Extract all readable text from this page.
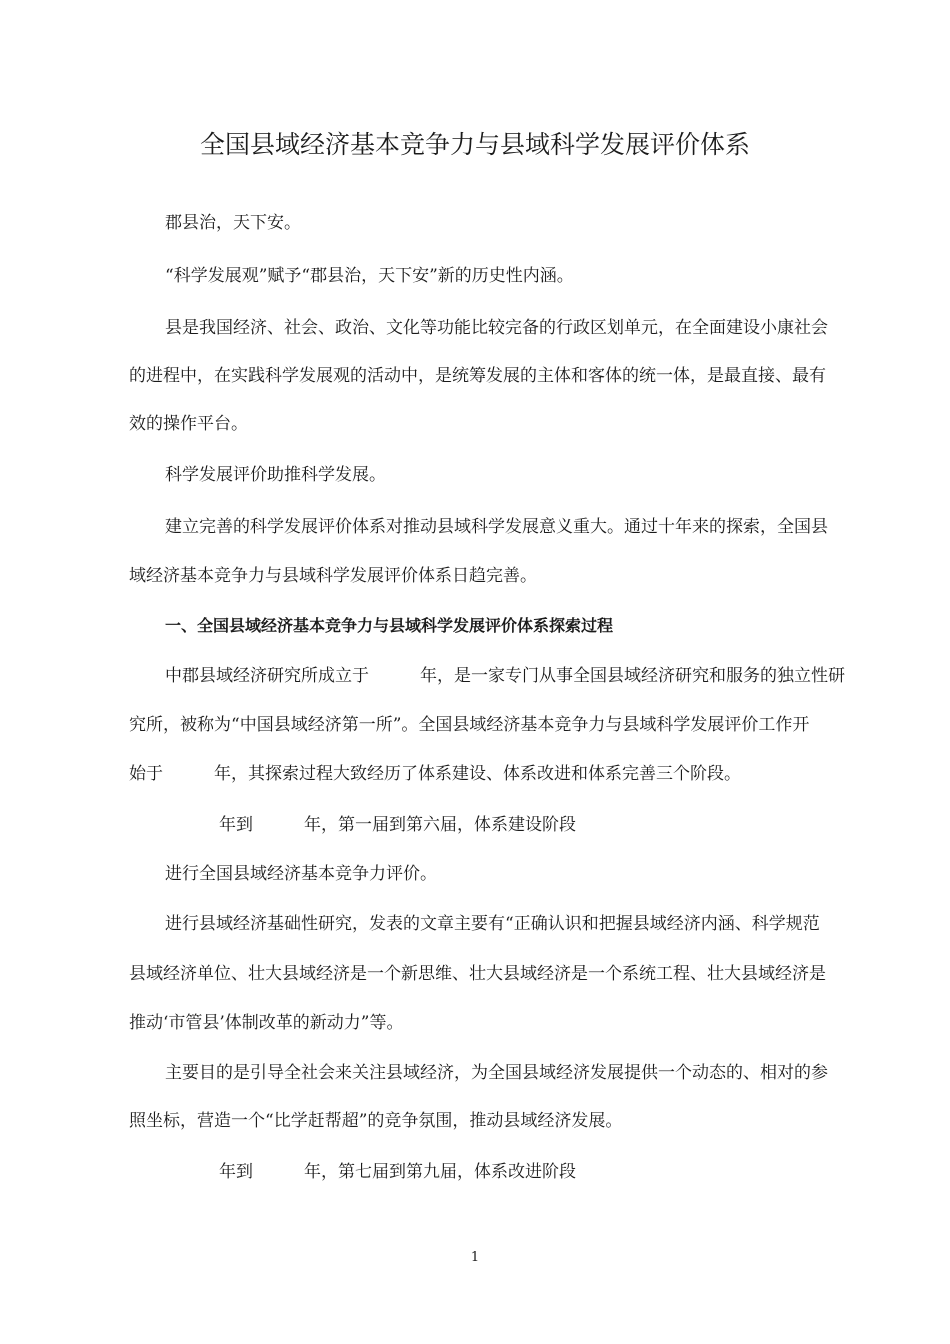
全国县域经济基本竞争力与县域科学发展评价体系

郡县治，天下安。

“科学发展观”赋予“郡县治，天下安”新的历史性内涵。

县是我国经济、社会、政治、文化等功能比较完备的行政区划单元，在全面建设小康社会

的进程中，在实践科学发展观的活动中，是统筹发展的主体和客体的统一体，是最直接、最有

效的操作平台。

科学发展评价助推科学发展。

建立完善的科学发展评价体系对推动县域科学发展意义重大。通过十年来的探索，全国县

域经济基本竞争力与县域科学发展评价体系日趋完善。

一、全国县域经济基本竞争力与县域科学发展评价体系探索过程

中郡县域经济研究所成立于　　　年，是一家专门从事全国县域经济研究和服务的独立性研

究所，被称为“中国县域经济第一所”。全国县域经济基本竞争力与县域科学发展评价工作开

始于　　　年，其探索过程大致经历了体系建设、体系改进和体系完善三个阶段。

年到　　　年，第一届到第六届，体系建设阶段

进行全国县域经济基本竞争力评价。

进行县域经济基础性研究，发表的文章主要有“正确认识和把握县域经济内涵、科学规范

县域经济单位、壮大县域经济是一个新思维、壮大县域经济是一个系统工程、壮大县域经济是

推动‘市管县’体制改革的新动力”等。

主要目的是引导全社会来关注县域经济，为全国县域经济发展提供一个动态的、相对的参

照坐标，营造一个“比学赶帮超”的竞争氛围，推动县域经济发展。

年到　　　年，第七届到第九届，体系改进阶段

1
